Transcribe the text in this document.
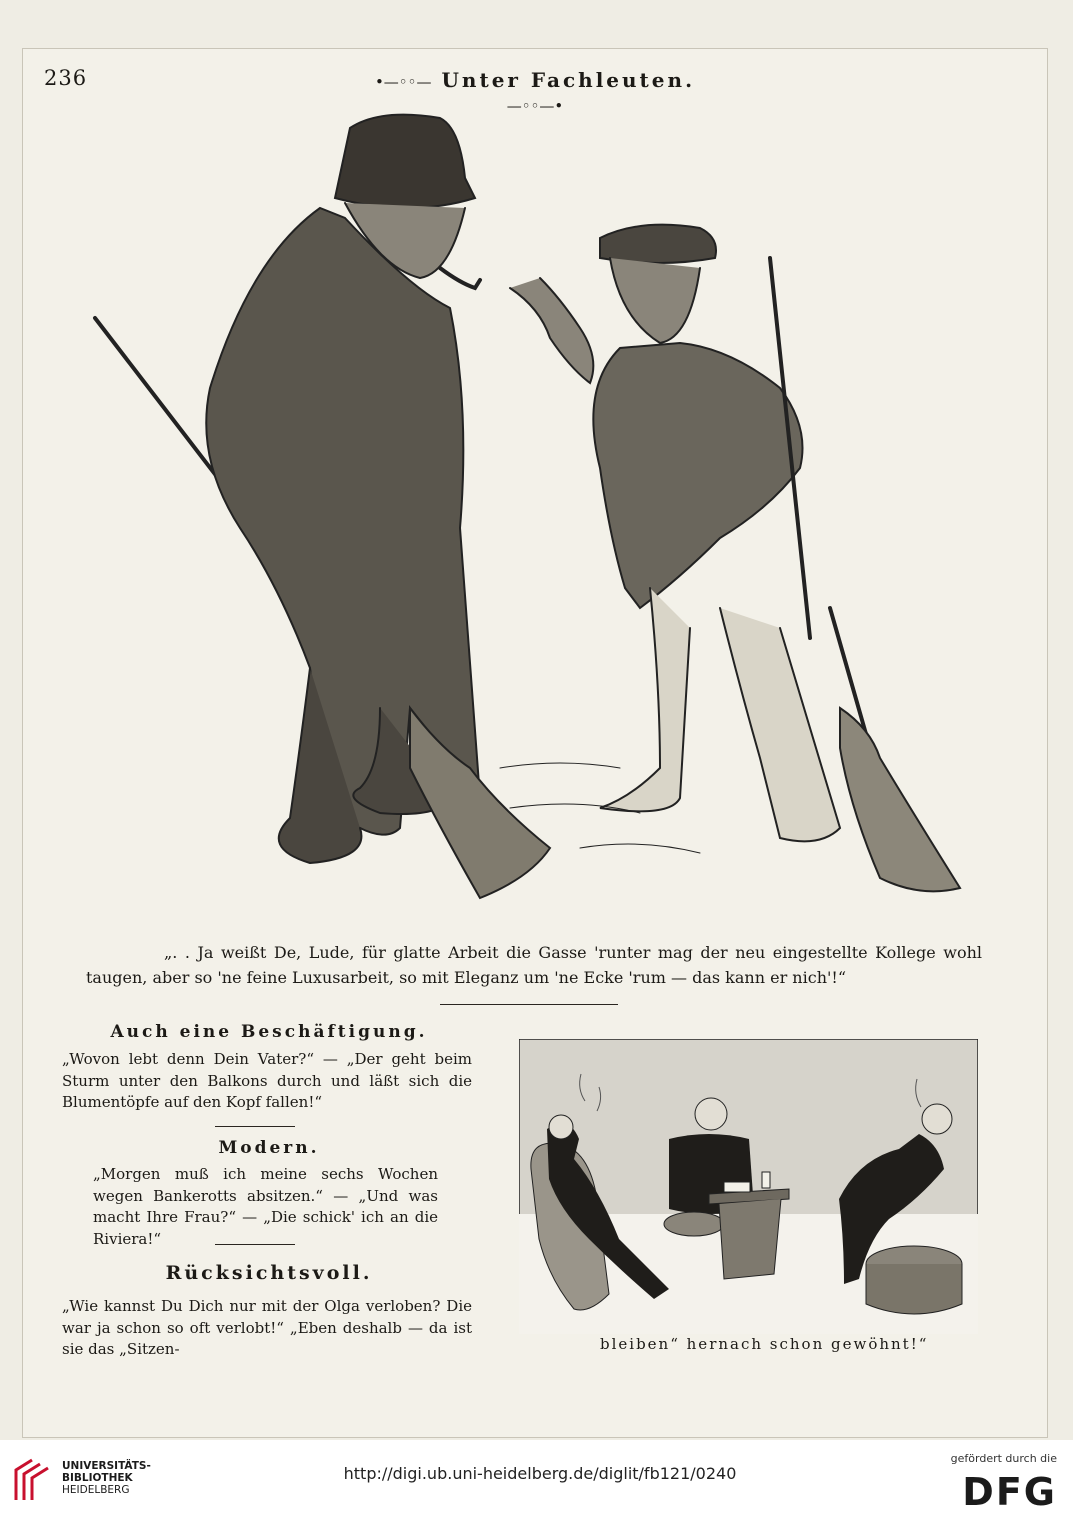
236	•—◦◦— Unter Fachleuten. —◦◦—•
„. . Ja weißt De, Lude, für glatte Arbeit die Gasse 'runter mag der neu eingestellte Kollege wohl taugen, aber so 'ne feine Luxusarbeit, so mit Eleganz um 'ne Ecke 'rum — das kann er nich'!“
Auch eine Beschäftigung.
„Wovon lebt denn Dein Vater?“ — „Der geht beim Sturm unter den Balkons durch und läßt sich die Blumentöpfe auf den Kopf fallen!“
Modern.
„Morgen muß ich meine sechs Wochen wegen Bankerotts absitzen.“ — „Und was macht Ihre Frau?“ — „Die schick' ich an die Riviera!“
Rücksichtsvoll.
„Wie kannst Du Dich nur mit der Olga verloben? Die war ja schon so oft verlobt!“ „Eben deshalb — da ist sie das „Sitzen-	bleiben“ hernach schon gewöhnt!“
UNIVERSITÄTS-
BIBLIOTHEK
HEIDELBERG
http://digi.ub.uni-heidelberg.de/diglit/fb121/0240
gefördert durch die
DFG
